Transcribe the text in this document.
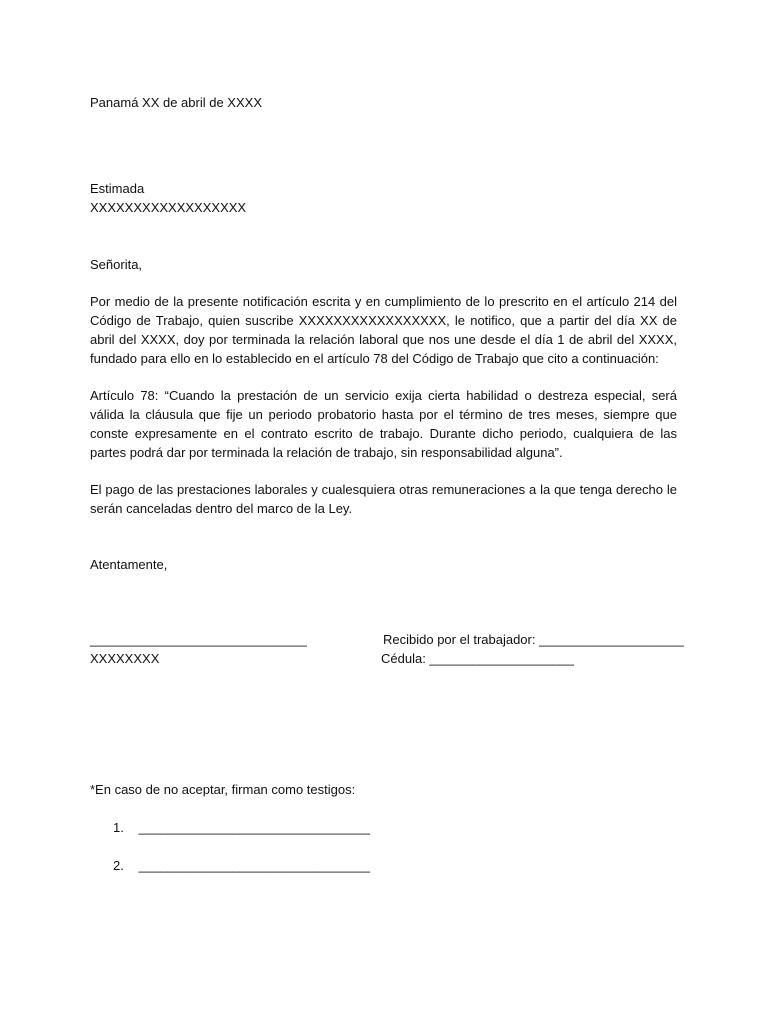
Panamá XX de abril de XXXX
Estimada
XXXXXXXXXXXXXXXXXX
Señorita,
Por medio de la presente notificación escrita y en cumplimiento de lo prescrito en el artículo 214 del Código de Trabajo, quien suscribe XXXXXXXXXXXXXXXXX, le notifico, que a partir del día XX de abril del XXXX, doy por terminada la relación laboral que nos une desde el día 1 de abril del XXXX, fundado para ello en lo establecido en el artículo 78 del Código de Trabajo que cito a continuación:
Artículo 78: “Cuando la prestación de un servicio exija cierta habilidad o destreza especial, será válida la cláusula que fije un periodo probatorio hasta por el término de tres meses, siempre que conste expresamente en el contrato escrito de trabajo. Durante dicho periodo, cualquiera de las partes podrá dar por terminada la relación de trabajo, sin responsabilidad alguna”.
El pago de las prestaciones laborales y cualesquiera otras remuneraciones a la que tenga derecho le serán canceladas dentro del marco de la Ley.
Atentamente,
______________________________
XXXXXXXX
Recibido por el trabajador: ____________________
Cédula: ____________________
*En caso de no aceptar, firman como testigos:
1. ________________________________
2. ________________________________
